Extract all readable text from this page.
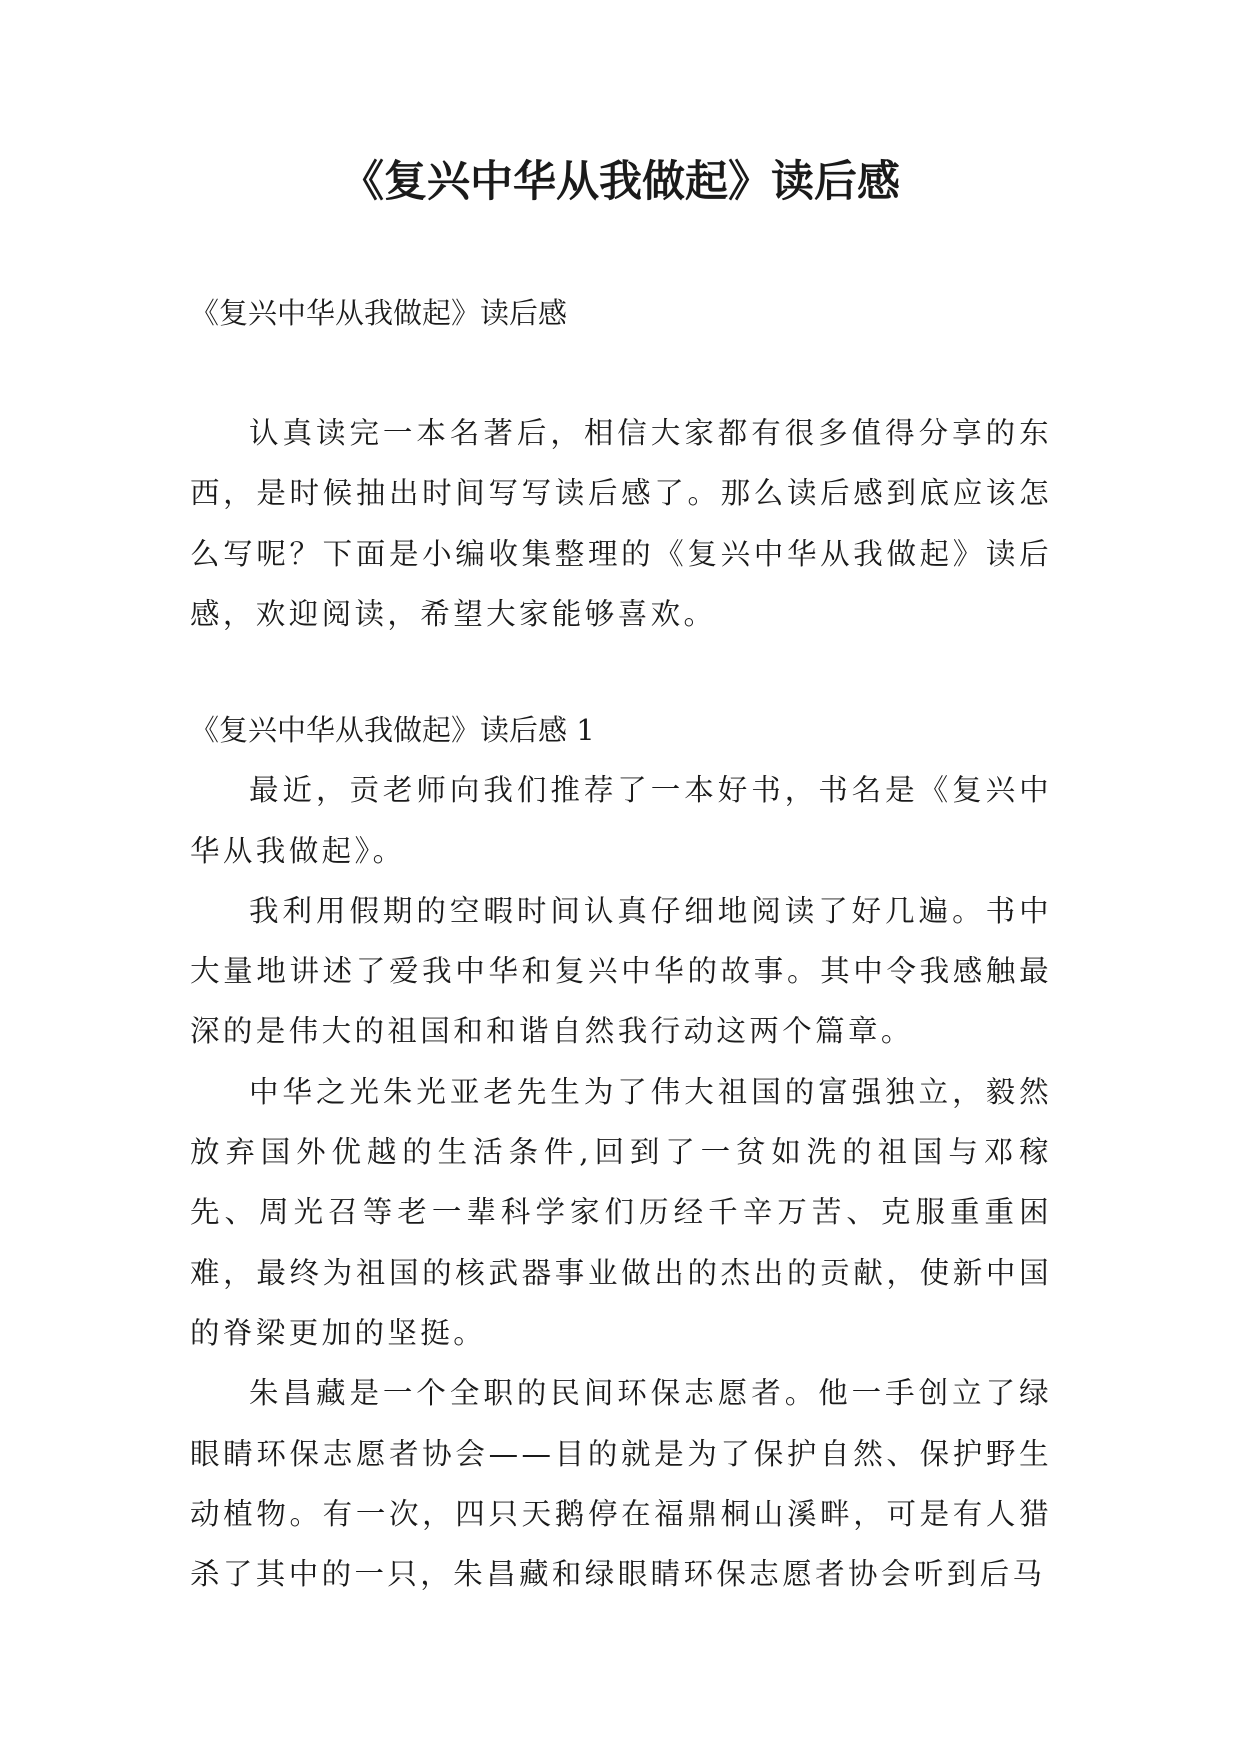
《复兴中华从我做起》读后感
《复兴中华从我做起》读后感

认真读完一本名著后，相信大家都有很多值得分享的东西，是时候抽出时间写写读后感了。那么读后感到底应该怎么写呢？下面是小编收集整理的《复兴中华从我做起》读后感，欢迎阅读，希望大家能够喜欢。

《复兴中华从我做起》读后感 1

最近，贡老师向我们推荐了一本好书，书名是《复兴中华从我做起》。

我利用假期的空暇时间认真仔细地阅读了好几遍。书中大量地讲述了爱我中华和复兴中华的故事。其中令我感触最深的是伟大的祖国和和谐自然我行动这两个篇章。

中华之光朱光亚老先生为了伟大祖国的富强独立，毅然放弃国外优越的生活条件,回到了一贫如洗的祖国与邓稼先、周光召等老一辈科学家们历经千辛万苦、克服重重困难，最终为祖国的核武器事业做出的杰出的贡献，使新中国的脊梁更加的坚挺。

朱昌藏是一个全职的民间环保志愿者。他一手创立了绿眼睛环保志愿者协会——目的就是为了保护自然、保护野生动植物。有一次，四只天鹅停在福鼎桐山溪畔，可是有人猎杀了其中的一只，朱昌藏和绿眼睛环保志愿者协会听到后马
